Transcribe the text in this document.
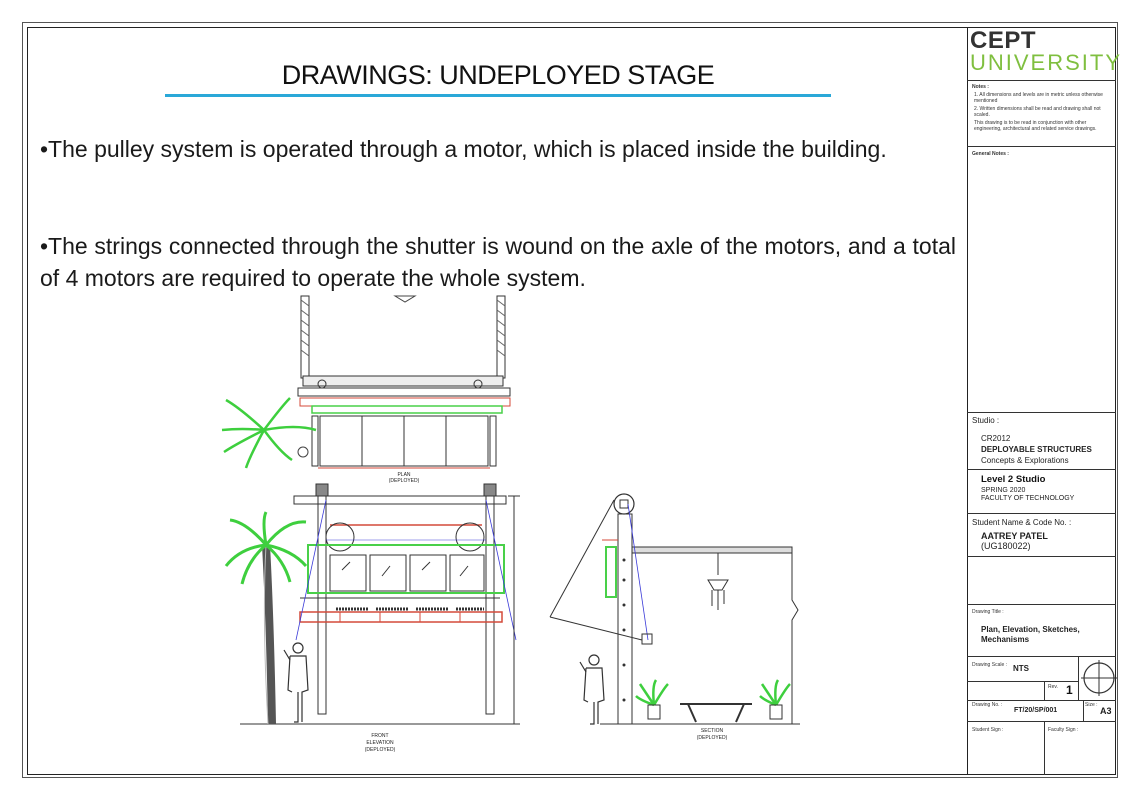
DRAWINGS: UNDEPLOYED STAGE
•The pulley system is operated through a motor, which is placed inside the building.
•The strings connected through the shutter is wound on the axle of the motors, and a total of 4 motors are required to operate the whole system.
PLAN
(DEPLOYED)
FRONT
ELEVATION
(DEPLOYED)
SECTION
(DEPLOYED)
CEPT
UNIVERSITY
Notes :
1. All dimensions and levels are in metric unless otherwise mentioned
2. Written dimensions shall be read and drawing shall not scaled.
This drawing is to be read in conjunction with other engineering, architectural and related service drawings.
General Notes :
Studio :
CR2012
DEPLOYABLE STRUCTURES
Concepts & Explorations
Level 2 Studio
SPRING 2020
FACULTY OF TECHNOLOGY
Student Name & Code No. :
AATREY PATEL
(UG180022)
Drawing Title :
Plan, Elevation, Sketches,
Mechanisms
Drawing Scale : NTS
Rev. 1
Drawing No. :
FT/20/SP/001
Size :
A3
Student Sign :	Faculty Sign :
